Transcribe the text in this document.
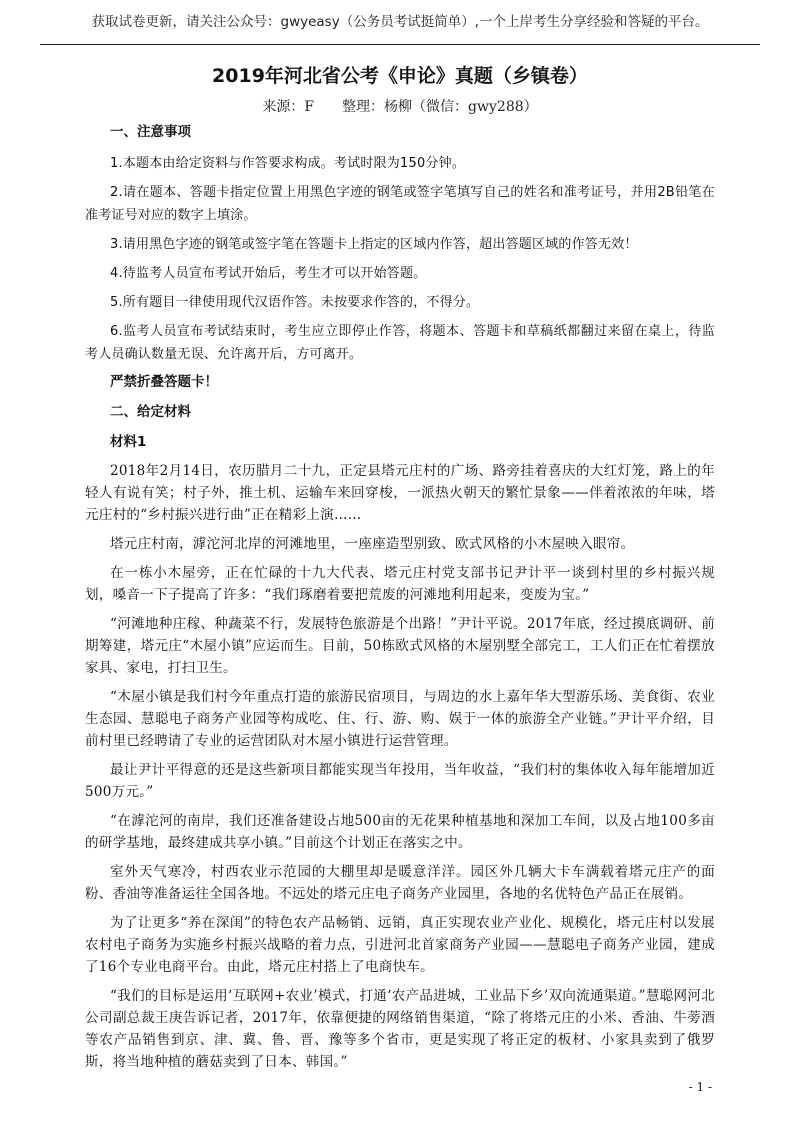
获取试卷更新，请关注公众号：gwyeasy（公务员考试挺简单）,一个上岸考生分享经验和答疑的平台。
2019年河北省公考《申论》真题（乡镇卷）
来源：F　　整理：杨柳（微信：gwy288）
一、注意事项

1.本题本由给定资料与作答要求构成。考试时限为150分钟。

2.请在题本、答题卡指定位置上用黑色字迹的钢笔或签字笔填写自己的姓名和准考证号，并用2B铅笔在准考证号对应的数字上填涂。

3.请用黑色字迹的钢笔或签字笔在答题卡上指定的区域内作答，超出答题区域的作答无效！

4.待监考人员宣布考试开始后，考生才可以开始答题。

5.所有题目一律使用现代汉语作答。未按要求作答的，不得分。

6.监考人员宣布考试结束时，考生应立即停止作答，将题本、答题卡和草稿纸都翻过来留在桌上，待监考人员确认数量无误、允许离开后，方可离开。

严禁折叠答题卡！
二、给定材料
材料1

2018年2月14日，农历腊月二十九，正定县塔元庄村的广场、路旁挂着喜庆的大红灯笼，路上的年轻人有说有笑；村子外，推土机、运输车来回穿梭，一派热火朝天的繁忙景象——伴着浓浓的年味，塔元庄村的“乡村振兴进行曲”正在精彩上演……

塔元庄村南，滹沱河北岸的河滩地里，一座座造型别致、欧式风格的小木屋映入眼帘。

在一栋小木屋旁，正在忙碌的十九大代表、塔元庄村党支部书记尹计平一谈到村里的乡村振兴规划，嗓音一下子提高了许多：“我们琢磨着要把荒废的河滩地利用起来，变废为宝。”

“河滩地种庄稼、种蔬菜不行，发展特色旅游是个出路！”尹计平说。2017年底，经过摸底调研、前期筹建，塔元庄“木屋小镇”应运而生。目前，50栋欧式风格的木屋别墅全部完工，工人们正在忙着摆放家具、家电，打扫卫生。

“木屋小镇是我们村今年重点打造的旅游民宿项目，与周边的水上嘉年华大型游乐场、美食街、农业生态园、慧聪电子商务产业园等构成吃、住、行、游、购、娱于一体的旅游全产业链。”尹计平介绍，目前村里已经聘请了专业的运营团队对木屋小镇进行运营管理。

最让尹计平得意的还是这些新项目都能实现当年投用，当年收益，“我们村的集体收入每年能增加近500万元。”

“在滹沱河的南岸，我们还准备建设占地500亩的无花果种植基地和深加工车间，以及占地100多亩的研学基地，最终建成共享小镇。”目前这个计划正在落实之中。

室外天气寒冷，村西农业示范园的大棚里却是暖意洋洋。园区外几辆大卡车满载着塔元庄产的面粉、香油等准备运往全国各地。不远处的塔元庄电子商务产业园里，各地的名优特色产品正在展销。

为了让更多“养在深闺”的特色农产品畅销、远销，真正实现农业产业化、规模化，塔元庄村以发展农村电子商务为实施乡村振兴战略的着力点，引进河北首家商务产业园——慧聪电子商务产业园，建成了16个专业电商平台。由此，塔元庄村搭上了电商快车。

“我们的目标是运用‘互联网+农业’模式，打通‘农产品进城，工业品下乡’双向流通渠道。”慧聪网河北公司副总裁王庚告诉记者，2017年，依靠便捷的网络销售渠道，“除了将塔元庄的小米、香油、牛蒡酒等农产品销售到京、津、冀、鲁、晋、豫等多个省市，更是实现了将正定的板材、小家具卖到了俄罗斯，将当地种植的蘑菇卖到了日本、韩国。”

- 1 -
